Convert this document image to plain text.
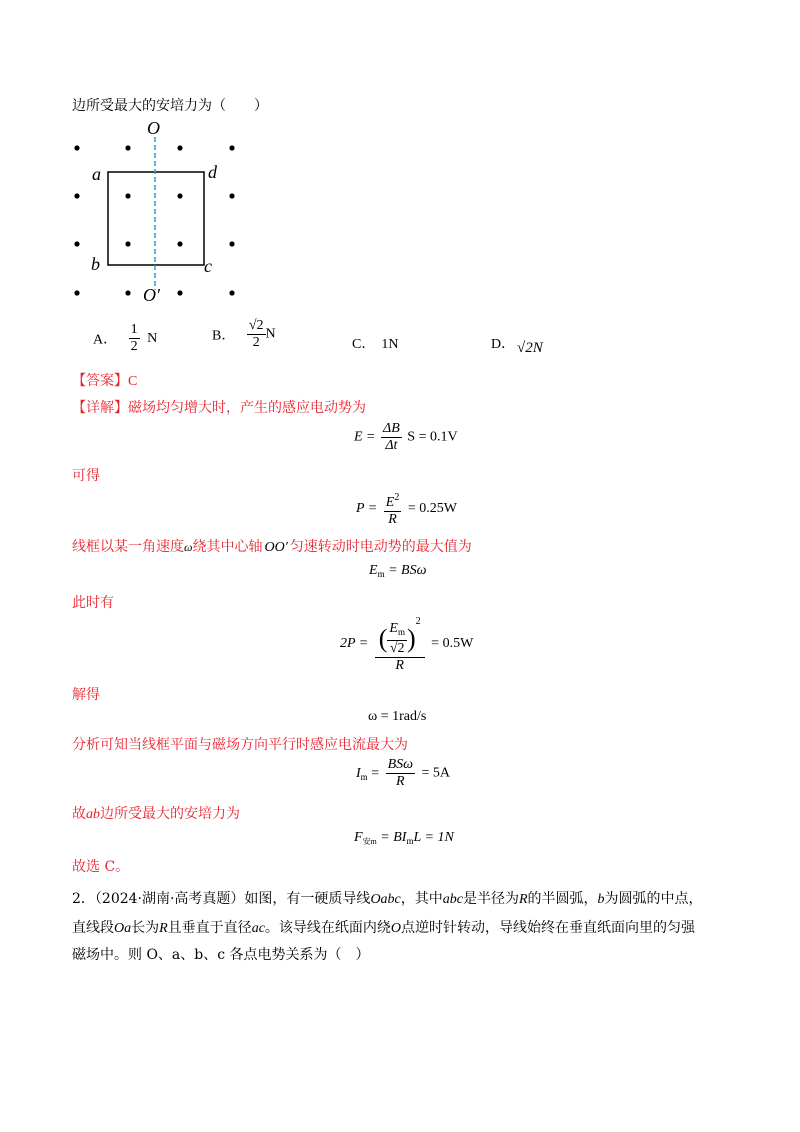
边所受最大的安培力为（　　）
O
a	d
b	c
O′
A． $\frac{1}{2}$ N	B． $\frac{√2}{2}$ N
C． 1N	D． √2N
【答案】C
【详解】磁场均匀增大时，产生的感应电动势为
$E = \frac{\Delta B}{\Delta t}$ S = 0.1V
可得
$P = \frac{E^2}{R} = 0.25W$
线框以某一角速度ω绕其中心轴 OO′ 匀速转动时电动势的最大值为
$E_m = BS\omega$
此时有
$2P = \frac{( \frac{E_m}{√2} )^2}{R} = 0.5W$
解得
ω = 1rad/s
分析可知当线框平面与磁场方向平行时感应电流最大为
$I_m = \frac{\text{BSω}}{R} = 5A$
故ab边所受最大的安培力为
$F_{安m} = BI_mL = 1N$
故选 C。
2．（2024·湖南·高考真题）如图，有一硬质导线Oabc，其中abc是半径为R的半圆弧，b为圆弧的中点，
直线段Oa长为R且垂直于直径ac。该导线在纸面内绕O点逆时针转动，导线始终在垂直纸面向里的匀强
磁场中。则 O、a、b、c 各点电势关系为（　）
